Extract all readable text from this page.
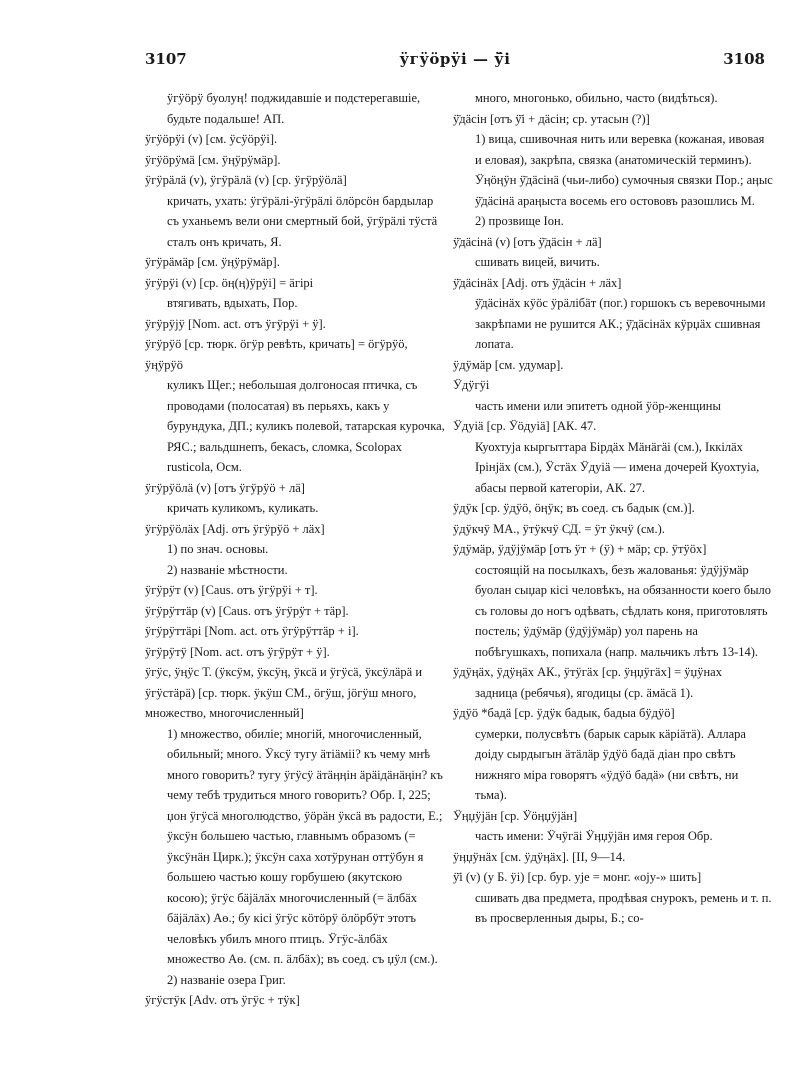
3107	ӱгӱӧрӱі — ӱ̄і	3108

ӱгӱӧрӱ буолуӊ! поджидавшіе и подстерегавшіе, будьте подальше! АП.

ӱгӱӧрӱі (v) [см. ӱсӱӧрӱі].

ӱгӱӧрӱмӓ [см. ӱӊӱрӱмӓр].

ӱгӱрӓлӓ (v), ӱгӱрӓлӓ (v) [ср. ӱгӱрӱӧлӓ]

кричать, ухать: ӱгӱрӓлі-ӱгӱрӓлі ӧлӧрсӧн бардылар съ уханьемъ вели они смертный бой, ӱгӱрӓлі тӱстӓ сталъ онъ кричать, Я.

ӱгӱрӓмӓр [см. ӱӊӱрӱмӓр].

ӱгӱрӱі (v) [ср. ӧӊ(ӊ)ӱрӱі] = ӓгірі

втягивать, вдыхать, Пор.

ӱгӱрӱјӱ [Nom. act. отъ ӱгӱрӱі + ӱ].

ӱгӱрӱӧ [ср. тюрк. ӧгӱр ревѣть, кричать] = ӧгӱрӱӧ, ӱӊӱрӱӧ

куликъ Щег.; небольшая долгоносая птичка, съ проводами (полосатая) въ перьяхъ, какъ у бурундука, ДП.; куликъ полевой, татарская курочка, РЯС.; вальдшнепъ, бекасъ, сломка, Scolopax rusticola, Осм.

ӱгӱрӱӧлӓ (v) [отъ ӱгӱрӱӧ + лӓ]

кричать куликомъ, куликать.

ӱгӱрӱӧлӓх [Adj. отъ ӱгӱрӱӧ + лӓх]

1) по знач. основы.

2) названіе мѣстности.

ӱгӱрӱт (v) [Caus. отъ ӱгӱрӱі + т].

ӱгӱрӱттӓр (v) [Caus. отъ ӱгӱрӱт + тӓр].

ӱгӱрӱттӓрі [Nom. act. отъ ӱгӱрӱттӓр + і].

ӱгӱрӱтӱ [Nom. act. отъ ӱгӱрӱт + ӱ].

ӱгӱс, ӱӊӱс Т. (ӱксӱм, ӱксӱӊ, ӱксӓ и ӱгӱсӓ, ӱксӱлӓрӓ и ӱгӱстӓрӓ) [ср. тюрк. ӱкӱш СМ., ӧгӱш, јӧгӱш много, множество, многочисленный]

1) множество, обиліе; многій, многочисленный, обильный; много. Ӱксӱ тугу ӓтіӓміі? къ чему мнѣ много говорить? тугу ӱгӱсӱ ӓтӓӊӊін ӓрӓідӓнӓӊін? къ чему тебѣ трудиться много говорить? Обр. І, 225; џон ӱгӱсӓ многолюдство, ӱӧрӓн ӱксӓ въ радости, Е.; ӱксӱн большею частью, главнымъ образомъ (= ӱксӱнӓн Цирк.); ӱксӱн саха хотӱрунан оттӱбун я большею частью кошу горбушею (якутскою косою); ӱгӱс бӓјӓлӓх многочисленный (= ӓлбӓх бӓјӓлӓх) Аө.; бу кісі ӱгӱс кӧтӧрӱ ӧлӧрбӱт этотъ человѣкъ убилъ много птицъ. Ӱгӱс-ӓлбӓх множество Аө. (см. п. ӓлбӓх); въ соед. съ џӱл (см.).

2) названіе озера Григ.

ӱгӱстӱк [Adv. отъ ӱгӱс + тӱк]

много, многонько, обильно, часто (видѣться).

ӱ̄дӓсін [отъ ӱ̄і + дӓсін; ср. утасын (?)]

1) вица, сшивочная нить или веревка (кожаная, ивовая и еловая), закрѣпа, связка (анатомическій терминъ). Ӱӊӧӊӱн ӱ̄дӓсінӓ (чьи-либо) сумочныя связки Пор.; аӊыс ӱ̄дӓсінӓ араӊыста восемь его остововъ разошлись М.

2) прозвище Іон.

ӱ̄дӓсінӓ (v) [отъ ӱ̄дӓсін + лӓ]

сшивать вицей, вичить.

ӱ̄дӓсінӓх [Adj. отъ ӱ̄дӓсін + лӓх]

ӱ̄дӓсінӓх кӱӧс ӱрӓлібӓт (пог.) горшокъ съ веревочными закрѣпами не рушится АК.; ӱ̄дӓсінӓх кӱрџӓх сшивная лопата.

ӱдӱмӓр [см. удумар].

Ӱдӱгӱі

часть имени или эпитетъ одной ӱӧр-женщины

Ӱдуіӓ [ср. Ӱӧдуіӓ] [АК. 47.

Куохтуја кыргыттара Бірдӓх Мӓнӓгӓі (см.), Іккілӓх Ірінјӓх (см.), Ӱстӓх Ӱдуіӓ — имена дочерей Куохтуіа, абасы первой категоріи, АК. 27.

ӱдӱк [ср. ӱдӱӧ, ӧӊӱк; въ соед. съ бадык (см.)].

ӱдӱкчӱ МА., ӱтӱкчӱ СД. = ӱт ӱкчӱ (см.).

ӱдӱмӓр, ӱдӱјӱмӓр [отъ ӱт + (ӱ) + мӓр; ср. ӱтӱӧх]

состоящій на посылкахъ, безъ жалованья: ӱдӱјӱмӓр буолан сыџар кісі человѣкъ, на обязанности коего было съ головы до ногъ одѣвать, сѣдлать коня, приготовлять постель; ӱдӱмӓр (ӱдӱјӱмӓр) уол парень на побѣгушкахъ, попихала (напр. мальчикъ лѣтъ 13-14).

ӱдӱӊӓх, ӱдӱӊӓх АК., ӱтӱгӓх [ср. ӱӊџӱгӓх] = ӱџӱнах

задница (ребячья), ягодицы (ср. ӓмӓсӓ 1).

ӱдӱӧ *бадӓ [ср. ӱдӱк бадык, бадыа бӱдӱӧ]

сумерки, полусвѣтъ (барык сарык кӓріӓтӓ). Аллара доіду сырдыгын ӓтӓлӓр ӱдӱӧ бадӓ діан про свѣтъ нижняго міра говорятъ «ӱдӱӧ бадӓ» (ни свѣтъ, ни тьма).

Ӱӊџӱјӓн [ср. Ӱӧӊџӱјӓн]

часть имени: Ӱчӱгӓі Ӱӊџӱјӓн имя героя Обр.

ӱӊџӱнӓх [см. ӱдӱӊӓх]. [ІІ, 9—14.

ӱ̄і (v) (у Б. ӱі) [ср. бур. ује = монг. «оју-» шить]

сшивать два предмета, продѣвая снурокъ, ремень и т. п. въ просверленныя дыры, Б.; со-
